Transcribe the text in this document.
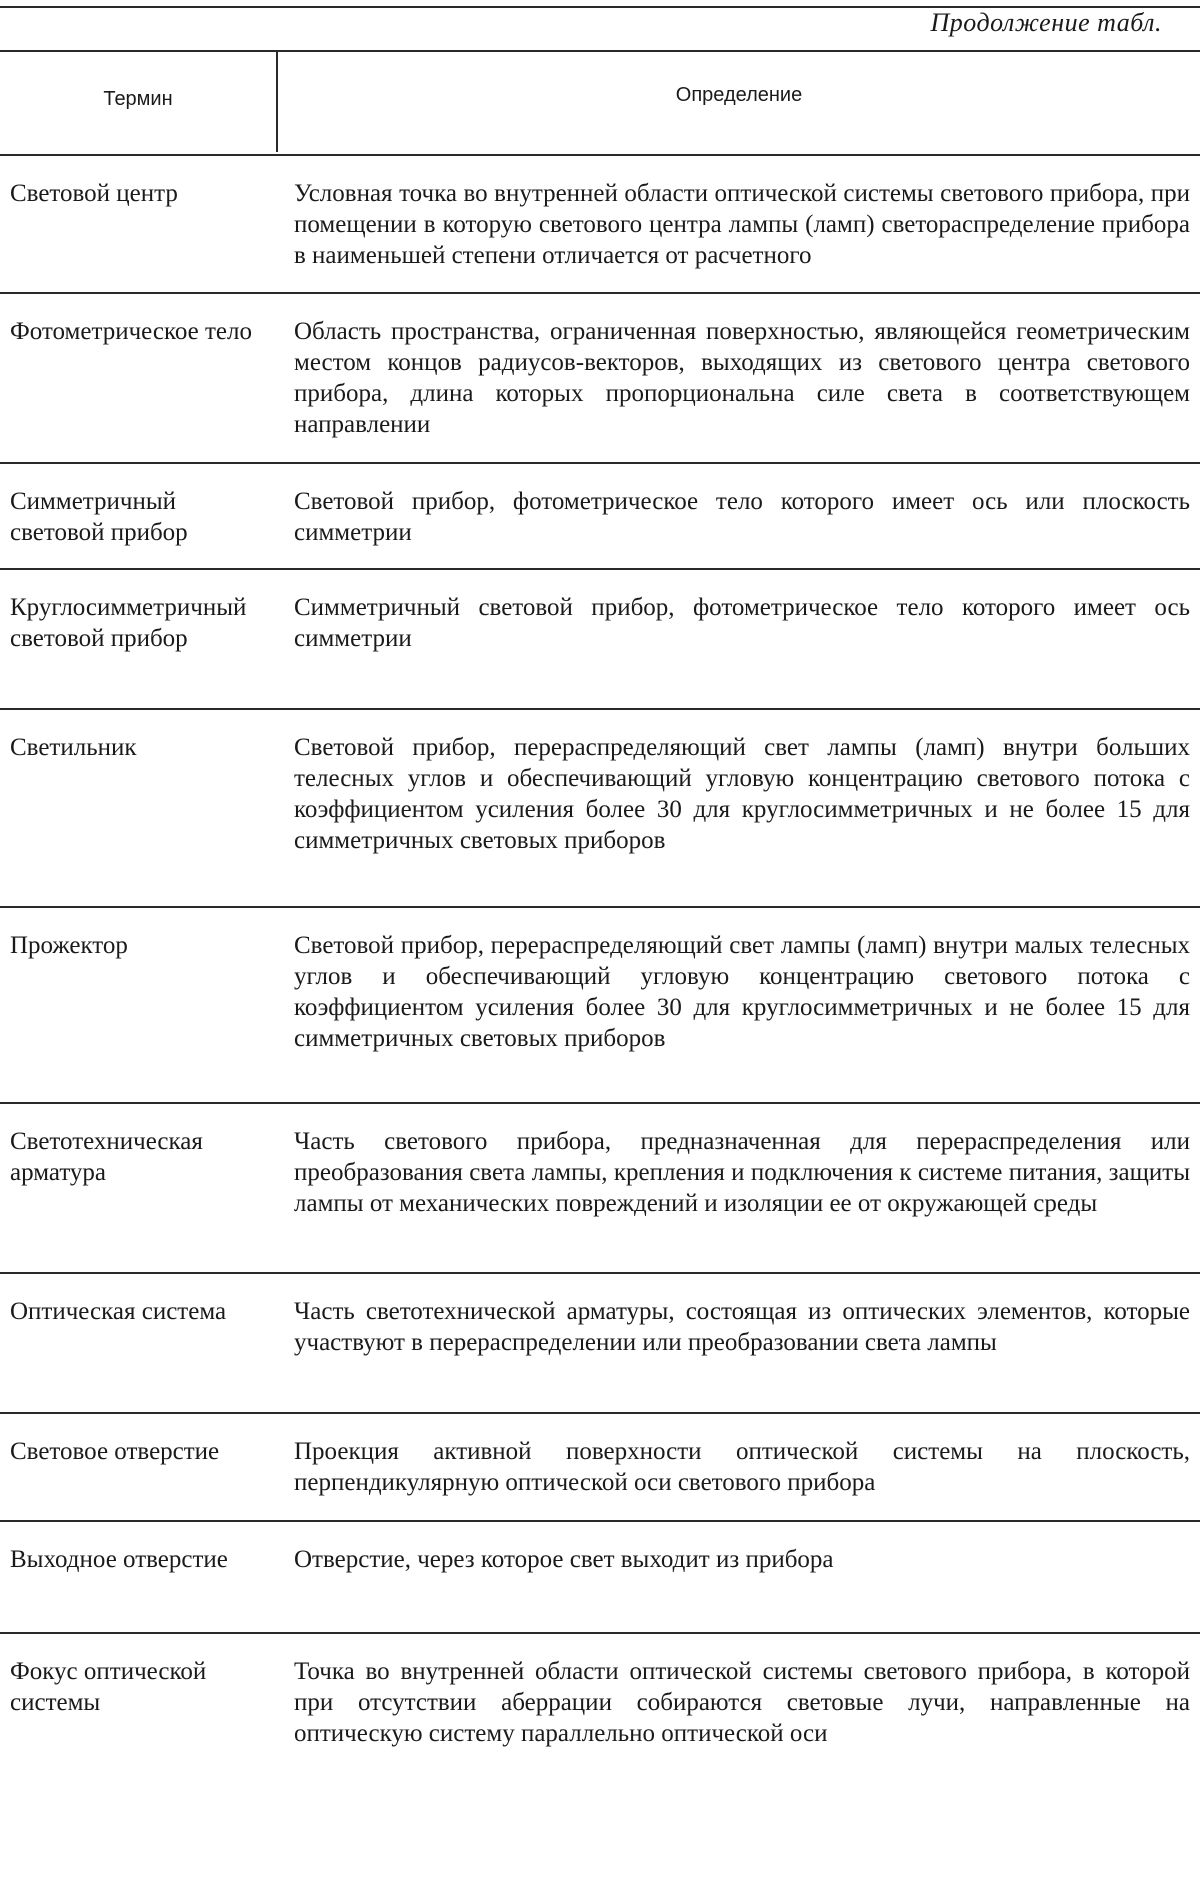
Продолжение табл.
Термин	Определение
Световой центр	Условная точка во внутренней области оптической системы светового прибора, при помещении в которую светового центра лампы (ламп) светораспределение прибора в наименьшей степени отличается от расчетного
Фотометрическое тело	Область пространства, ограниченная поверхностью, являющейся геометрическим местом концов радиусов-векторов, выходящих из светового центра светового прибора, длина которых пропорциональна силе света в соответствующем направлении
Симметричный световой прибор
Световой прибор, фотометрическое тело которого имеет ось или плоскость симметрии
Круглосимметричный световой прибор
Симметричный световой прибор, фотометрическое тело которого имеет ось симметрии
Светильник	Световой прибор, перераспределяющий свет лампы (ламп) внутри больших телесных углов и обеспечивающий угловую концентрацию светового потока с коэффициентом усиления более 30 для круглосимметричных и не более 15 для симметричных световых приборов
Прожектор	Световой прибор, перераспределяющий свет лампы (ламп) внутри малых телесных углов и обеспечивающий угловую концентрацию светового потока с коэффициентом усиления более 30 для круглосимметричных и не более 15 для симметричных световых приборов
Светотехническая арматура
Часть светового прибора, предназначенная для перераспределения или преобразования света лампы, крепления и подключения к системе питания, защиты лампы от механических повреждений и изоляции ее от окружающей среды
Оптическая система	Часть светотехнической арматуры, состоящая из оптических элементов, которые участвуют в перераспределении или преобразовании света лампы
Световое отверстие	Проекция активной поверхности оптической системы на плоскость, перпендикулярную оптической оси светового прибора
Выходное отверстие	Отверстие, через которое свет выходит из прибора
Фокус оптической системы
Точка во внутренней области оптической системы светового прибора, в которой при отсутствии аберрации собираются световые лучи, направленные на оптическую систему параллельно оптической оси
